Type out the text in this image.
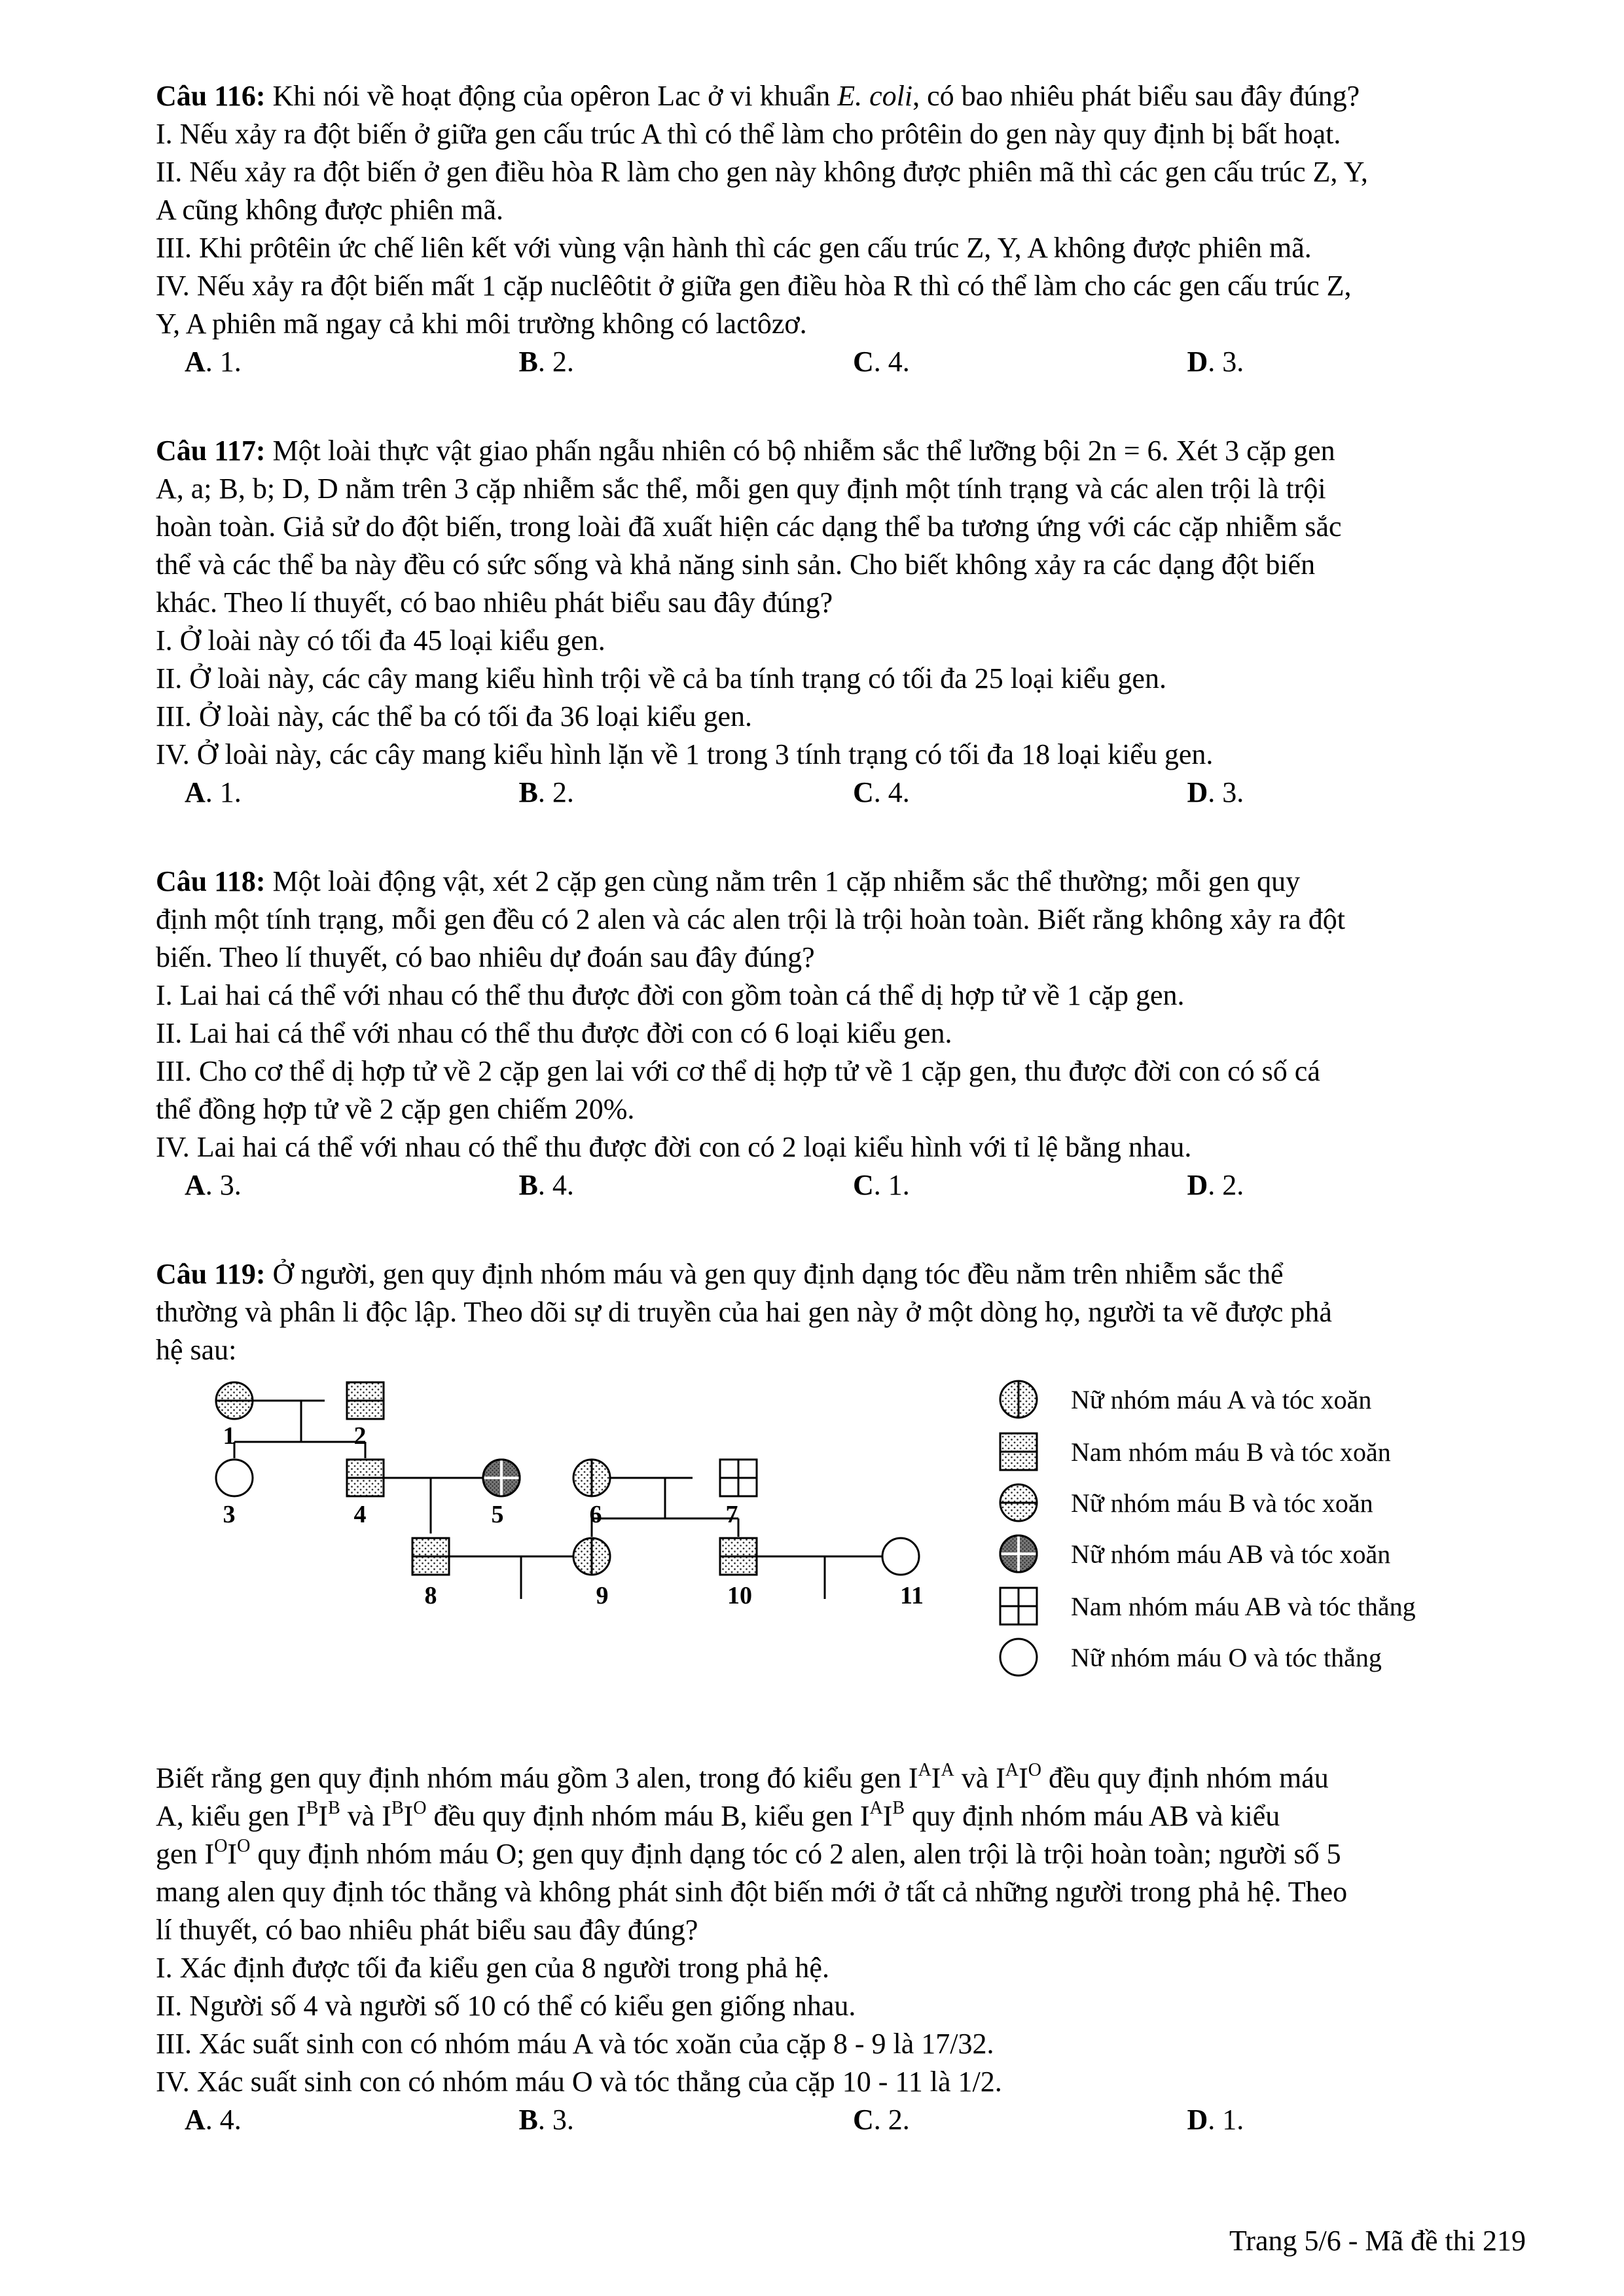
Câu 116: Khi nói về hoạt động của opêron Lac ở vi khuẩn E. coli, có bao nhiêu phát biểu sau đây đúng?
I. Nếu xảy ra đột biến ở giữa gen cấu trúc A thì có thể làm cho prôtêin do gen này quy định bị bất hoạt.
II. Nếu xảy ra đột biến ở gen điều hòa R làm cho gen này không được phiên mã thì các gen cấu trúc Z, Y,
A cũng không được phiên mã.
III. Khi prôtêin ức chế liên kết với vùng vận hành thì các gen cấu trúc Z, Y, A không được phiên mã.
IV. Nếu xảy ra đột biến mất 1 cặp nuclêôtit ở giữa gen điều hòa R thì có thể làm cho các gen cấu trúc Z,
Y, A phiên mã ngay cả khi môi trường không có lactôzơ.
A. 1.	B. 2.	C. 4.	D. 3.
Câu 117: Một loài thực vật giao phấn ngẫu nhiên có bộ nhiễm sắc thể lưỡng bội 2n = 6. Xét 3 cặp gen
A, a; B, b; D, D nằm trên 3 cặp nhiễm sắc thể, mỗi gen quy định một tính trạng và các alen trội là trội
hoàn toàn. Giả sử do đột biến, trong loài đã xuất hiện các dạng thể ba tương ứng với các cặp nhiễm sắc
thể và các thể ba này đều có sức sống và khả năng sinh sản. Cho biết không xảy ra các dạng đột biến
khác. Theo lí thuyết, có bao nhiêu phát biểu sau đây đúng?
I. Ở loài này có tối đa 45 loại kiểu gen.
II. Ở loài này, các cây mang kiểu hình trội về cả ba tính trạng có tối đa 25 loại kiểu gen.
III. Ở loài này, các thể ba có tối đa 36 loại kiểu gen.
IV. Ở loài này, các cây mang kiểu hình lặn về 1 trong 3 tính trạng có tối đa 18 loại kiểu gen.
A. 1.	B. 2.	C. 4.	D. 3.
Câu 118: Một loài động vật, xét 2 cặp gen cùng nằm trên 1 cặp nhiễm sắc thể thường; mỗi gen quy
định một tính trạng, mỗi gen đều có 2 alen và các alen trội là trội hoàn toàn. Biết rằng không xảy ra đột
biến. Theo lí thuyết, có bao nhiêu dự đoán sau đây đúng?
I. Lai hai cá thể với nhau có thể thu được đời con gồm toàn cá thể dị hợp tử về 1 cặp gen.
II. Lai hai cá thể với nhau có thể thu được đời con có 6 loại kiểu gen.
III. Cho cơ thể dị hợp tử về 2 cặp gen lai với cơ thể dị hợp tử về 1 cặp gen, thu được đời con có số cá
thể đồng hợp tử về 2 cặp gen chiếm 20%.
IV. Lai hai cá thể với nhau có thể thu được đời con có 2 loại kiểu hình với tỉ lệ bằng nhau.
A. 3.	B. 4.	C. 1.	D. 2.
Câu 119: Ở người, gen quy định nhóm máu và gen quy định dạng tóc đều nằm trên nhiễm sắc thể
thường và phân li độc lập. Theo dõi sự di truyền của hai gen này ở một dòng họ, người ta vẽ được phả
hệ sau:
1	2
3	4	5	6	7
8	9	10	11
Nữ nhóm máu A và tóc xoăn
Nam nhóm máu B và tóc xoăn
Nữ nhóm máu B và tóc xoăn
Nữ nhóm máu AB và tóc xoăn
Nam nhóm máu AB và tóc thẳng
Nữ nhóm máu O và tóc thẳng
Biết rằng gen quy định nhóm máu gồm 3 alen, trong đó kiểu gen $I^AI^A$ và $I^AI^O$ đều quy định nhóm máu
A, kiểu gen $I^BI^B$ và $I^BI^O$ đều quy định nhóm máu B, kiểu gen $I^AI^B$ quy định nhóm máu AB và kiểu
gen $I^OI^O$ quy định nhóm máu O; gen quy định dạng tóc có 2 alen, alen trội là trội hoàn toàn; người số 5
mang alen quy định tóc thẳng và không phát sinh đột biến mới ở tất cả những người trong phả hệ. Theo
lí thuyết, có bao nhiêu phát biểu sau đây đúng?
I. Xác định được tối đa kiểu gen của 8 người trong phả hệ.
II. Người số 4 và người số 10 có thể có kiểu gen giống nhau.
III. Xác suất sinh con có nhóm máu A và tóc xoăn của cặp 8 - 9 là 17/32.
IV. Xác suất sinh con có nhóm máu O và tóc thẳng của cặp 10 - 11 là 1/2.
A. 4.	B. 3.	C. 2.	D. 1.
Trang 5/6 - Mã đề thi 219
